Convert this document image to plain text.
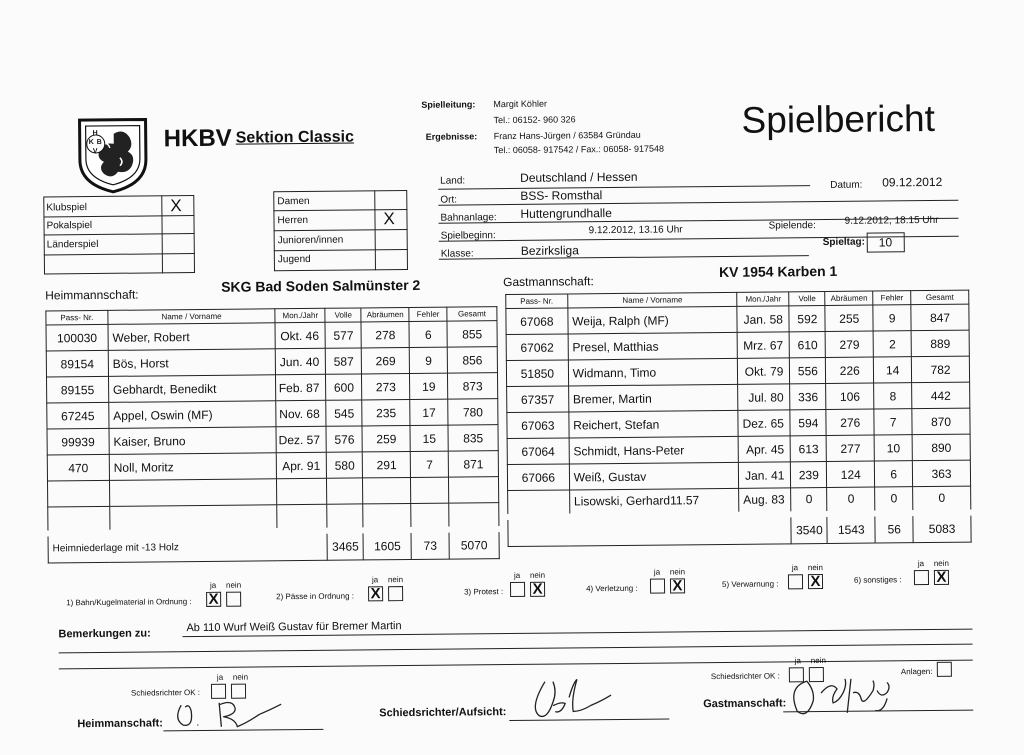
H
K B
V	HKBV Sektion Classic
Spielleitung: Margit Köhler
Tel.: 06152- 960 326
Ergebnisse: Franz Hans-Jürgen / 63584 Gründau
Tel.: 06058- 917542 / Fax.: 06058- 917548
Spielbericht
Klubspiel	X
Pokalspiel
Länderspiel
Damen
Herren	X
Junioren/innen
Jugend
Land:	Deutschland / Hessen
Ort:	BSS- Romsthal
Datum: 09.12.2012
Bahnanlage: Huttengrundhalle
Spielbeginn:	9.12.2012, 13.16 Uhr	Spielende:	9.12.2012, 18.15 Uhr
Klasse:	Bezirksliga
Spieltag: 10
Heimmannschaft:
SKG Bad Soden Salmünster 2	Gastmannschaft:
KV 1954 Karben 1
Pass- Nr.	Name / Vorname	Mon./Jahr	Volle	Abräumen	Fehler	Gesamt
100030	Weber, Robert	Okt. 46	577	278	6	855
89154	Bös, Horst	Jun. 40	587	269	9	856
89155	Gebhardt, Benedikt	Feb. 87	600	273	19	873
67245	Appel, Oswin (MF)	Nov. 68	545	235	17	780
99939	Kaiser, Bruno	Dez. 57	576	259	15	835
470	Noll, Moritz	Apr. 91	580	291	7	871

Heimniederlage mit -13 Holz			3465	1605	73	5070
Pass- Nr.	Name / Vorname	Mon./Jahr	Volle	Abräumen	Fehler	Gesamt
67068	Weija, Ralph (MF)	Jan. 58	592	255	9	847
67062	Presel, Matthias	Mrz. 67	610	279	2	889
51850	Widmann, Timo	Okt. 79	556	226	14	782
67357	Bremer, Martin	Jul. 80	336	106	8	442
67063	Reichert, Stefan	Dez. 65	594	276	7	870
67064	Schmidt, Hans-Peter	Apr. 45	613	277	10	890
67066	Weiß, Gustav	Jan. 41	239	124	6	363
	Lisowski, Gerhard11.57	Aug. 83	0	0	0	0
			3540	1543	56	5083
ja nein
1) Bahn/Kugelmaterial in Ordnung : X
ja nein
2) Pässe in Ordnung : X
ja nein
3) Protest : X
ja nein
4) Verletzung : X
ja nein
5) Verwarnung : X
ja nein
6) sonstiges : X
Bemerkungen zu:	Ab 110 Wurf Weiß Gustav für Bremer Martin
ja nein
Schiedsrichter OK :
ja nein
Schiedsrichter OK :	Anlagen:
Heimmanschaft:
Schiedsrichter/Aufsicht:
Gastmanschaft:
